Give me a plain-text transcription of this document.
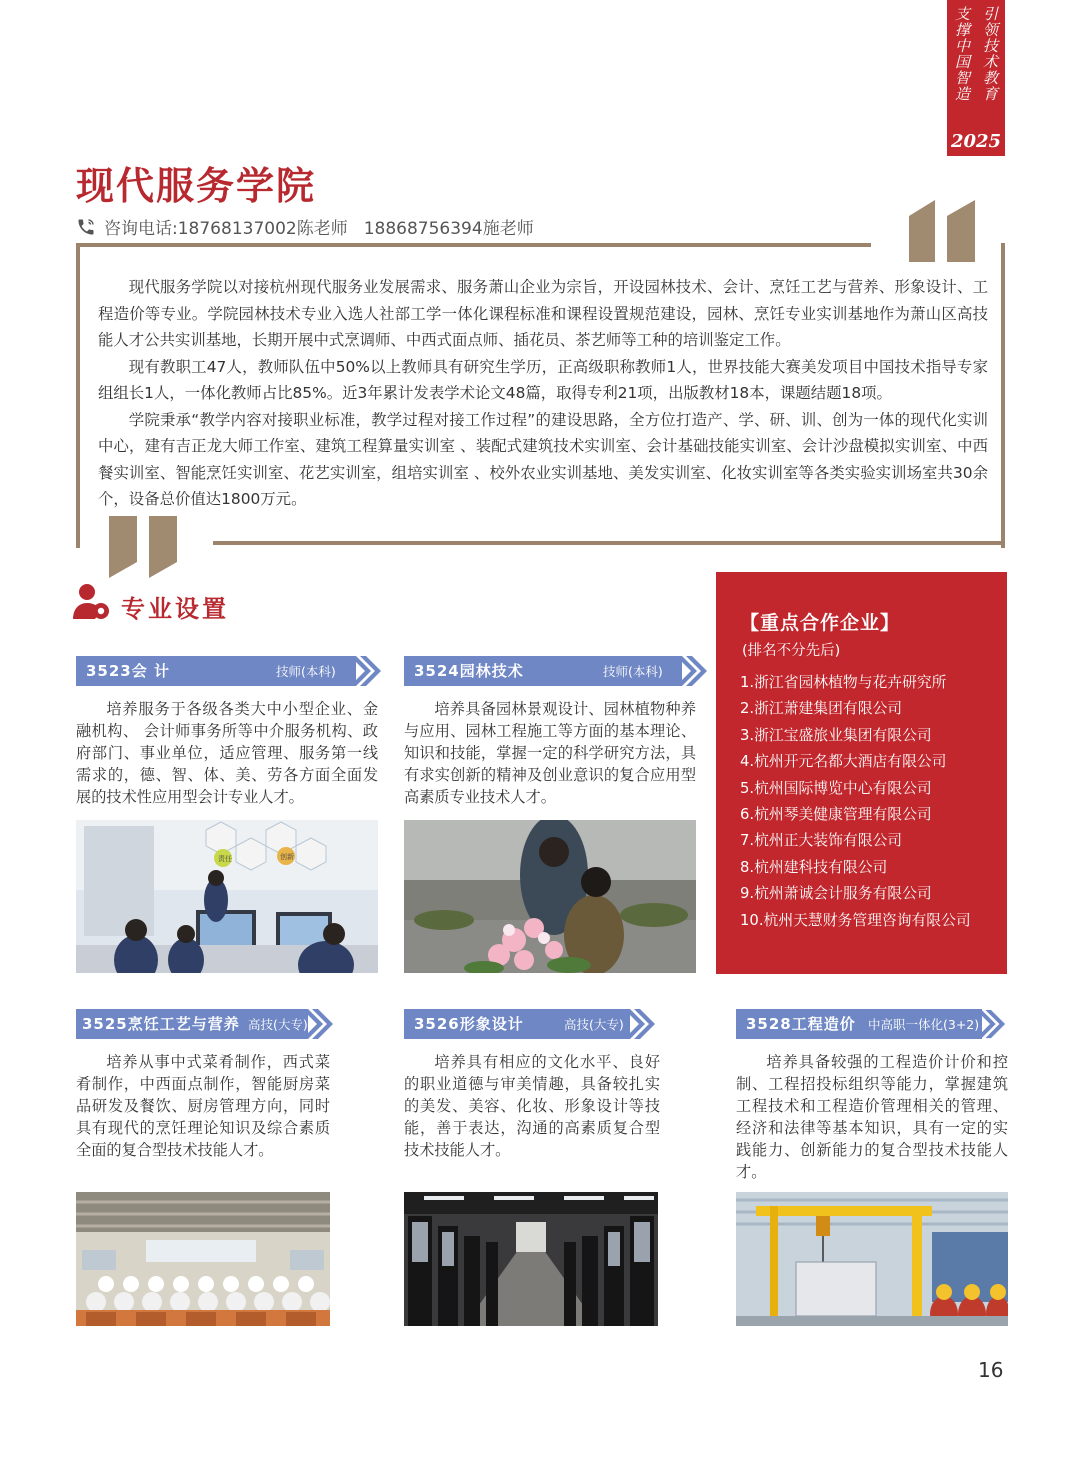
引领技术教育
支撑中国智造
2025
现代服务学院
咨询电话: 18768137002陈老师 18868756394施老师

现代服务学院以对接杭州现代服务业发展需求、服务萧山企业为宗旨，开设园林技术、会计、烹饪工艺与营养、形象设计、工程造价等专业。学院园林技术专业入选人社部工学一体化课程标准和课程设置规范建设，园林、烹饪专业实训基地作为萧山区高技能人才公共实训基地，长期开展中式烹调师、中西式面点师、插花员、茶艺师等工种的培训鉴定工作。

现有教职工47人，教师队伍中50%以上教师具有研究生学历，正高级职称教师1人，世界技能大赛美发项目中国技术指导专家组组长1人，一体化教师占比85%。近3年累计发表学术论文48篇，取得专利21项，出版教材18本，课题结题18项。

学院秉承“教学内容对接职业标准，教学过程对接工作过程”的建设思路，全方位打造产、学、研、训、创为一体的现代化实训中心，建有吉正龙大师工作室、建筑工程算量实训室 、装配式建筑技术实训室、会计基础技能实训室、会计沙盘模拟实训室、中西餐实训室、智能烹饪实训室、花艺实训室，组培实训室 、校外农业实训基地、美发实训室、化妆实训室等各类实验实训场室共30余个，设备总价值达1800万元。

专业设置
3523会 计	技师(本科)

培养服务于各级各类大中小型企业、金融机构、 会计师事务所等中介服务机构、政府部门、事业单位，适应管理、服务第一线需求的，德、智、体、美、劳各方面全面发展的技术性应用型会计专业人才。

3524园林技术	技师(本科)

培养具备园林景观设计、园林植物种养与应用、园林工程施工等方面的基本理论、知识和技能，掌握一定的科学研究方法，具有求实创新的精神及创业意识的复合应用型高素质专业技术人才。

责任	创新
【重点合作企业】
(排名不分先后)
1.浙江省园林植物与花卉研究所
2.浙江萧建集团有限公司
3.浙江宝盛旅业集团有限公司
4.杭州开元名都大酒店有限公司
5.杭州国际博览中心有限公司
6.杭州琴美健康管理有限公司
7.杭州正大装饰有限公司
8.杭州建科技有限公司
9.杭州萧诚会计服务有限公司
10.杭州天慧财务管理咨询有限公司
3525烹饪工艺与营养 高技(大专)

培养从事中式菜肴制作，西式菜肴制作，中西面点制作，智能厨房菜品研发及餐饮、厨房管理方向，同时具有现代的烹饪理论知识及综合素质全面的复合型技术技能人才。

3526形象设计	高技(大专)

培养具有相应的文化水平、良好的职业道德与审美情趣，具备较扎实的美发、美容、化妆、形象设计等技能，善于表达，沟通的高素质复合型技术技能人才。

3528工程造价 中高职一体化(3+2)

培养具备较强的工程造价计价和控制、工程招投标组织等能力，掌握建筑工程技术和工程造价管理相关的管理、经济和法律等基本知识，具有一定的实践能力、创新能力的复合型技术技能人才。

16
